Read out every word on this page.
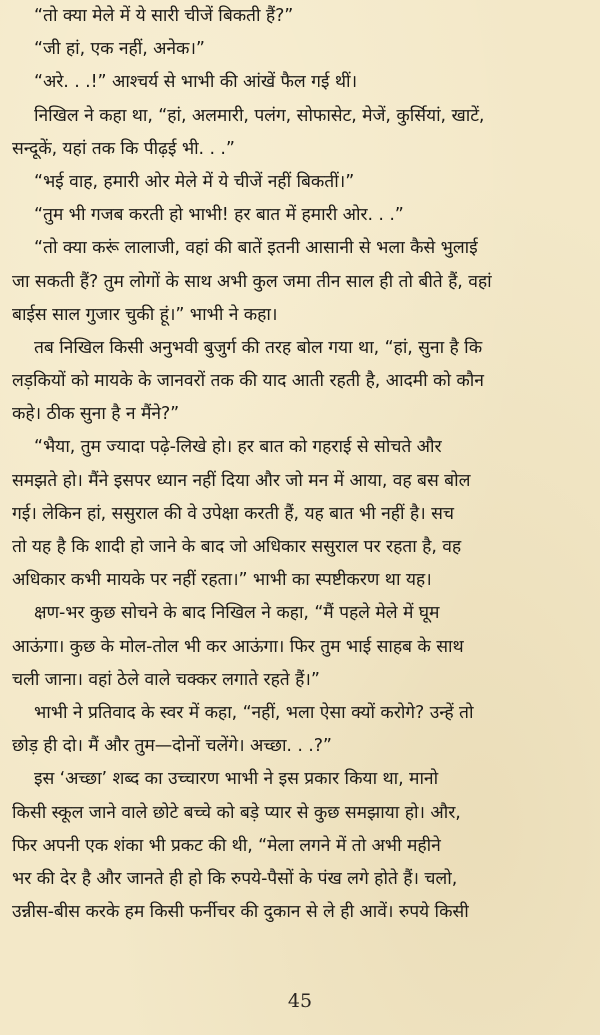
“तो क्या मेले में ये सारी चीजें बिकती हैं?”
“जी हां, एक नहीं, अनेक।”
“अरे. . .!” आश्चर्य से भाभी की आंखें फैल गई थीं।
निखिल ने कहा था, “हां, अलमारी, पलंग, सोफासेट, मेजें, कुर्सियां, खाटें,
सन्दूकें, यहां तक कि पीढ़ई भी. . .”
“भई वाह, हमारी ओर मेले में ये चीजें नहीं बिकतीं।”
“तुम भी गजब करती हो भाभी! हर बात में हमारी ओर. . .”
“तो क्या करूं लालाजी, वहां की बातें इतनी आसानी से भला कैसे भुलाई
जा सकती हैं? तुम लोगों के साथ अभी कुल जमा तीन साल ही तो बीते हैं, वहां
बाईस साल गुजार चुकी हूं।” भाभी ने कहा।
तब निखिल किसी अनुभवी बुजुर्ग की तरह बोल गया था, “हां, सुना है कि
लड़कियों को मायके के जानवरों तक की याद आती रहती है, आदमी को कौन
कहे। ठीक सुना है न मैंने?”
“भैया, तुम ज्यादा पढ़े-लिखे हो। हर बात को गहराई से सोचते और
समझते हो। मैंने इसपर ध्यान नहीं दिया और जो मन में आया, वह बस बोल
गई। लेकिन हां, ससुराल की वे उपेक्षा करती हैं, यह बात भी नहीं है। सच
तो यह है कि शादी हो जाने के बाद जो अधिकार ससुराल पर रहता है, वह
अधिकार कभी मायके पर नहीं रहता।” भाभी का स्पष्टीकरण था यह।
क्षण-भर कुछ सोचने के बाद निखिल ने कहा, “मैं पहले मेले में घूम
आऊंगा। कुछ के मोल-तोल भी कर आऊंगा। फिर तुम भाई साहब के साथ
चली जाना। वहां ठेले वाले चक्कर लगाते रहते हैं।”
भाभी ने प्रतिवाद के स्वर में कहा, “नहीं, भला ऐसा क्यों करोगे? उन्हें तो
छोड़ ही दो। मैं और तुम—दोनों चलेंगे। अच्छा. . .?”
इस ‘अच्छा’ शब्द का उच्चारण भाभी ने इस प्रकार किया था, मानो
किसी स्कूल जाने वाले छोटे बच्चे को बड़े प्यार से कुछ समझाया हो। और,
फिर अपनी एक शंका भी प्रकट की थी, “मेला लगने में तो अभी महीने
भर की देर है और जानते ही हो कि रुपये-पैसों के पंख लगे होते हैं। चलो,
उन्नीस-बीस करके हम किसी फर्नीचर की दुकान से ले ही आवें। रुपये किसी
45
